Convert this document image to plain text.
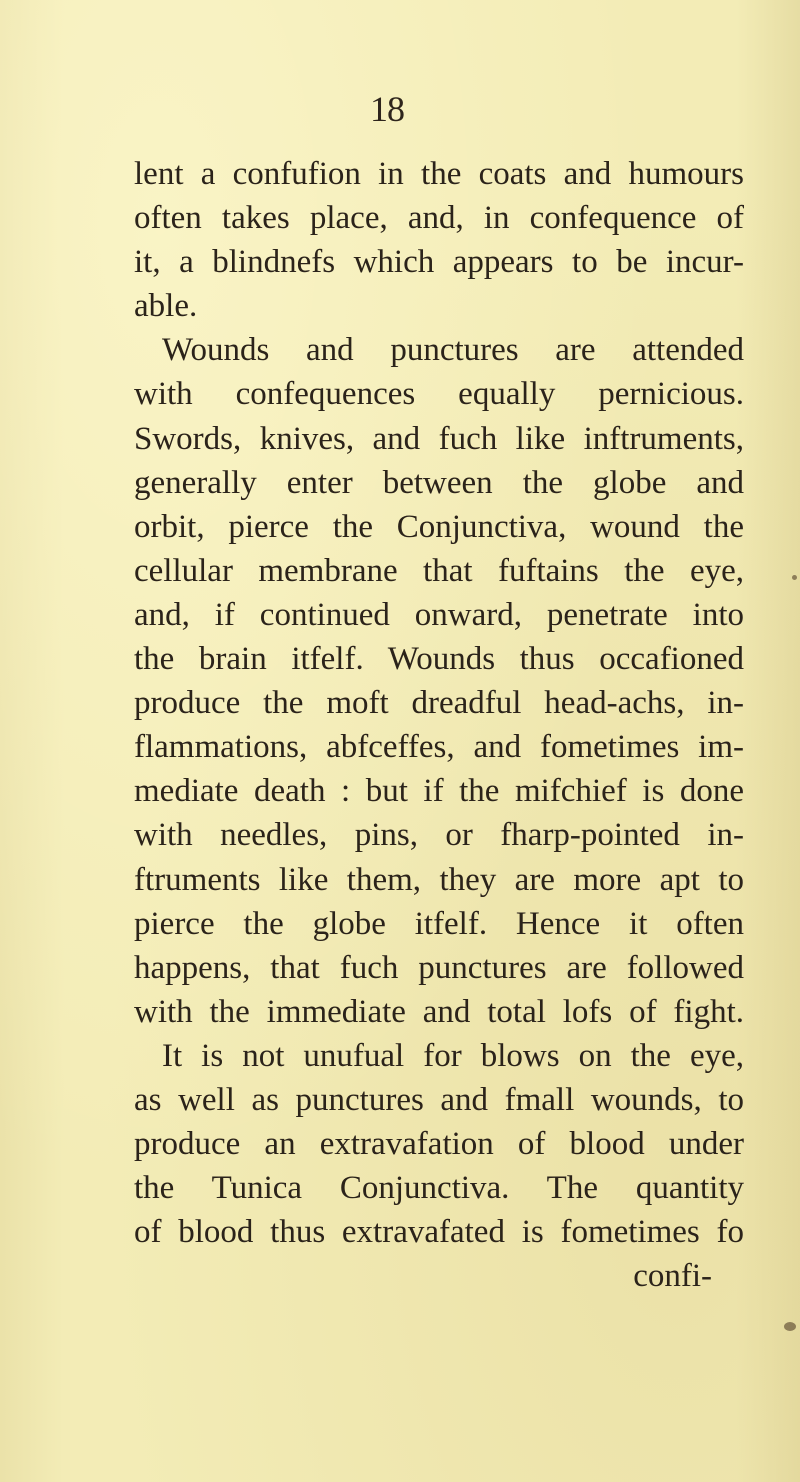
18
lent a confufion in the coats and humours
often takes place, and, in confequence of
it, a blindnefs which appears to be incur-
able.
Wounds and punctures are attended
with confequences equally pernicious.
Swords, knives, and fuch like inftruments,
generally enter between the globe and
orbit, pierce the Conjunctiva, wound the
cellular membrane that fuftains the eye,
and, if continued onward, penetrate into
the brain itfelf. Wounds thus occafioned
produce the moft dreadful head-achs, in-
flammations, abfceffes, and fometimes im-
mediate death : but if the mifchief is done
with needles, pins, or fharp-pointed in-
ftruments like them, they are more apt to
pierce the globe itfelf. Hence it often
happens, that fuch punctures are followed
with the immediate and total lofs of fight.
It is not unufual for blows on the eye,
as well as punctures and fmall wounds, to
produce an extravafation of blood under
the Tunica Conjunctiva. The quantity
of blood thus extravafated is fometimes fo
confi-
